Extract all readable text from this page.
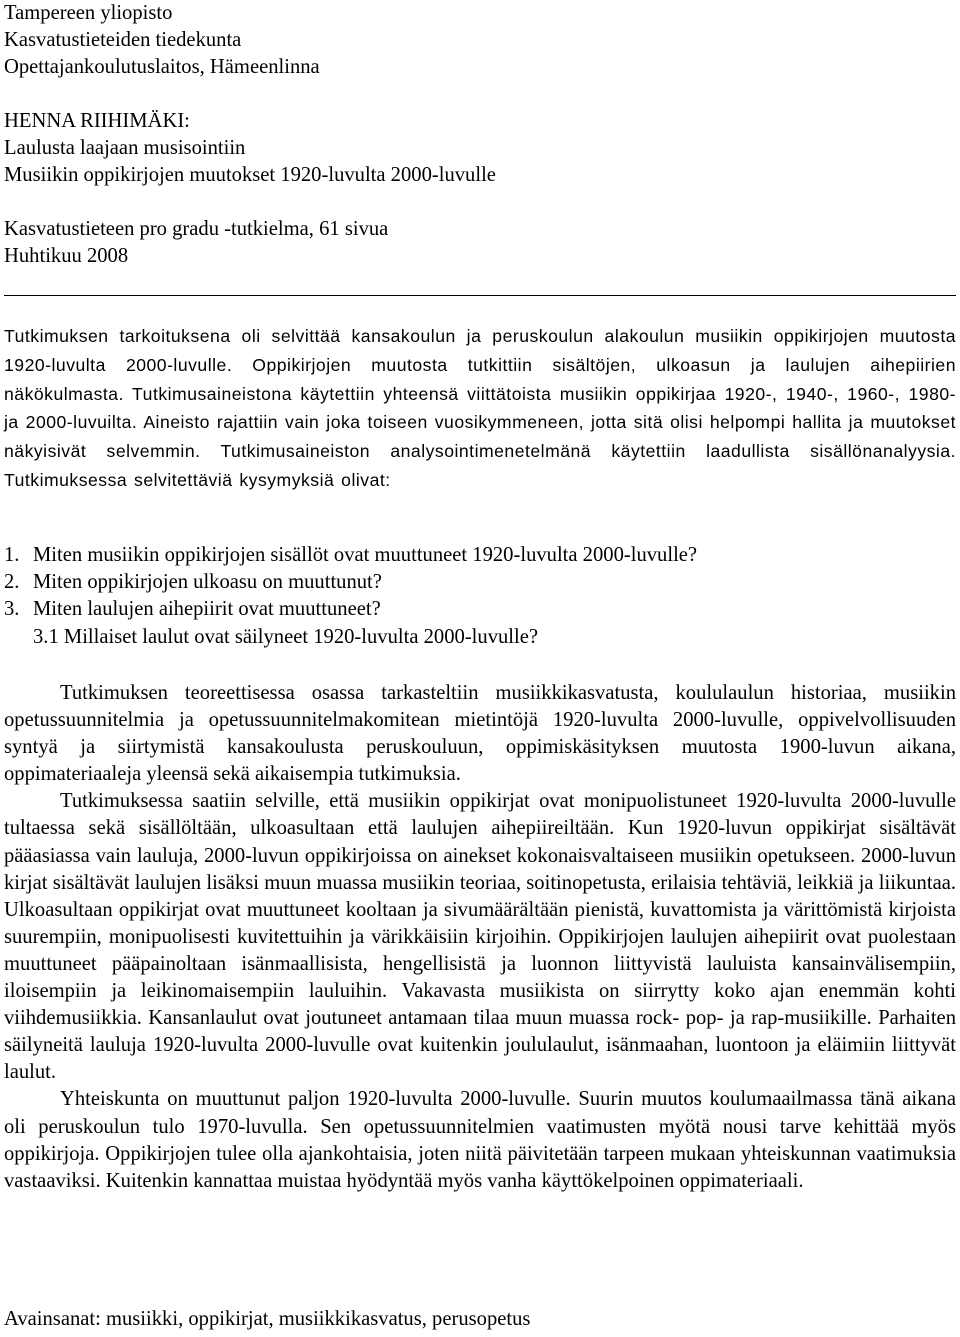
Tampereen yliopisto
Kasvatustieteiden tiedekunta
Opettajankoulutuslaitos, Hämeenlinna
HENNA RIIHIMÄKI:
Laulusta laajaan musisointiin
Musiikin oppikirjojen muutokset 1920-luvulta 2000-luvulle
Kasvatustieteen pro gradu -tutkielma, 61 sivua
Huhtikuu 2008

Tutkimuksen tarkoituksena oli selvittää kansakoulun ja peruskoulun alakoulun musiikin oppikirjojen muutosta 1920-luvulta 2000-luvulle. Oppikirjojen muutosta tutkittiin sisältöjen, ulkoasun ja laulujen aihepiirien näkökulmasta. Tutkimusaineistona käytettiin yhteensä viittätoista musiikin oppikirjaa 1920-, 1940-, 1960-, 1980- ja 2000-luvuilta. Aineisto rajattiin vain joka toiseen vuosikymmeneen, jotta sitä olisi helpompi hallita ja muutokset näkyisivät selvemmin. Tutkimusaineiston analysointimenetelmänä käytettiin laadullista sisällönanalyysia. Tutkimuksessa selvitettäviä kysymyksiä olivat:

1. Miten musiikin oppikirjojen sisällöt ovat muuttuneet 1920-luvulta 2000-luvulle?
2. Miten oppikirjojen ulkoasu on muuttunut?
3. Miten laulujen aihepiirit ovat muuttuneet?
3.1 Millaiset laulut ovat säilyneet 1920-luvulta 2000-luvulle?

Tutkimuksen teoreettisessa osassa tarkasteltiin musiikkikasvatusta, koululaulun historiaa, musiikin opetussuunnitelmia ja opetussuunnitelmakomitean mietintöjä 1920-luvulta 2000-luvulle, oppivelvollisuuden syntyä ja siirtymistä kansakoulusta peruskouluun, oppimiskäsityksen muutosta 1900-luvun aikana, oppimateriaaleja yleensä sekä aikaisempia tutkimuksia.

Tutkimuksessa saatiin selville, että musiikin oppikirjat ovat monipuolistuneet 1920-luvulta 2000-luvulle tultaessa sekä sisällöltään, ulkoasultaan että laulujen aihepiireiltään. Kun 1920-luvun oppikirjat sisältävät pääasiassa vain lauluja, 2000-luvun oppikirjoissa on ainekset kokonaisvaltaiseen musiikin opetukseen. 2000-luvun kirjat sisältävät laulujen lisäksi muun muassa musiikin teoriaa, soitinopetusta, erilaisia tehtäviä, leikkiä ja liikuntaa. Ulkoasultaan oppikirjat ovat muuttuneet kooltaan ja sivumäärältään pienistä, kuvattomista ja värittömistä kirjoista suurempiin, monipuolisesti kuvitettuihin ja värikkäisiin kirjoihin. Oppikirjojen laulujen aihepiirit ovat puolestaan muuttuneet pääpainoltaan isänmaallisista, hengellisistä ja luonnon liittyvistä lauluista kansainvälisempiin, iloisempiin ja leikinomaisempiin lauluihin. Vakavasta musiikista on siirrytty koko ajan enemmän kohti viihdemusiikkia. Kansanlaulut ovat joutuneet antamaan tilaa muun muassa rock- pop- ja rap-musiikille. Parhaiten säilyneitä lauluja 1920-luvulta 2000-luvulle ovat kuitenkin joululaulut, isänmaahan, luontoon ja eläimiin liittyvät laulut.

Yhteiskunta on muuttunut paljon 1920-luvulta 2000-luvulle. Suurin muutos koulumaailmassa tänä aikana oli peruskoulun tulo 1970-luvulla. Sen opetussuunnitelmien vaatimusten myötä nousi tarve kehittää myös oppikirjoja. Oppikirjojen tulee olla ajankohtaisia, joten niitä päivitetään tarpeen mukaan yhteiskunnan vaatimuksia vastaaviksi. Kuitenkin kannattaa muistaa hyödyntää myös vanha käyttökelpoinen oppimateriaali.

Avainsanat: musiikki, oppikirjat, musiikkikasvatus, perusopetus
